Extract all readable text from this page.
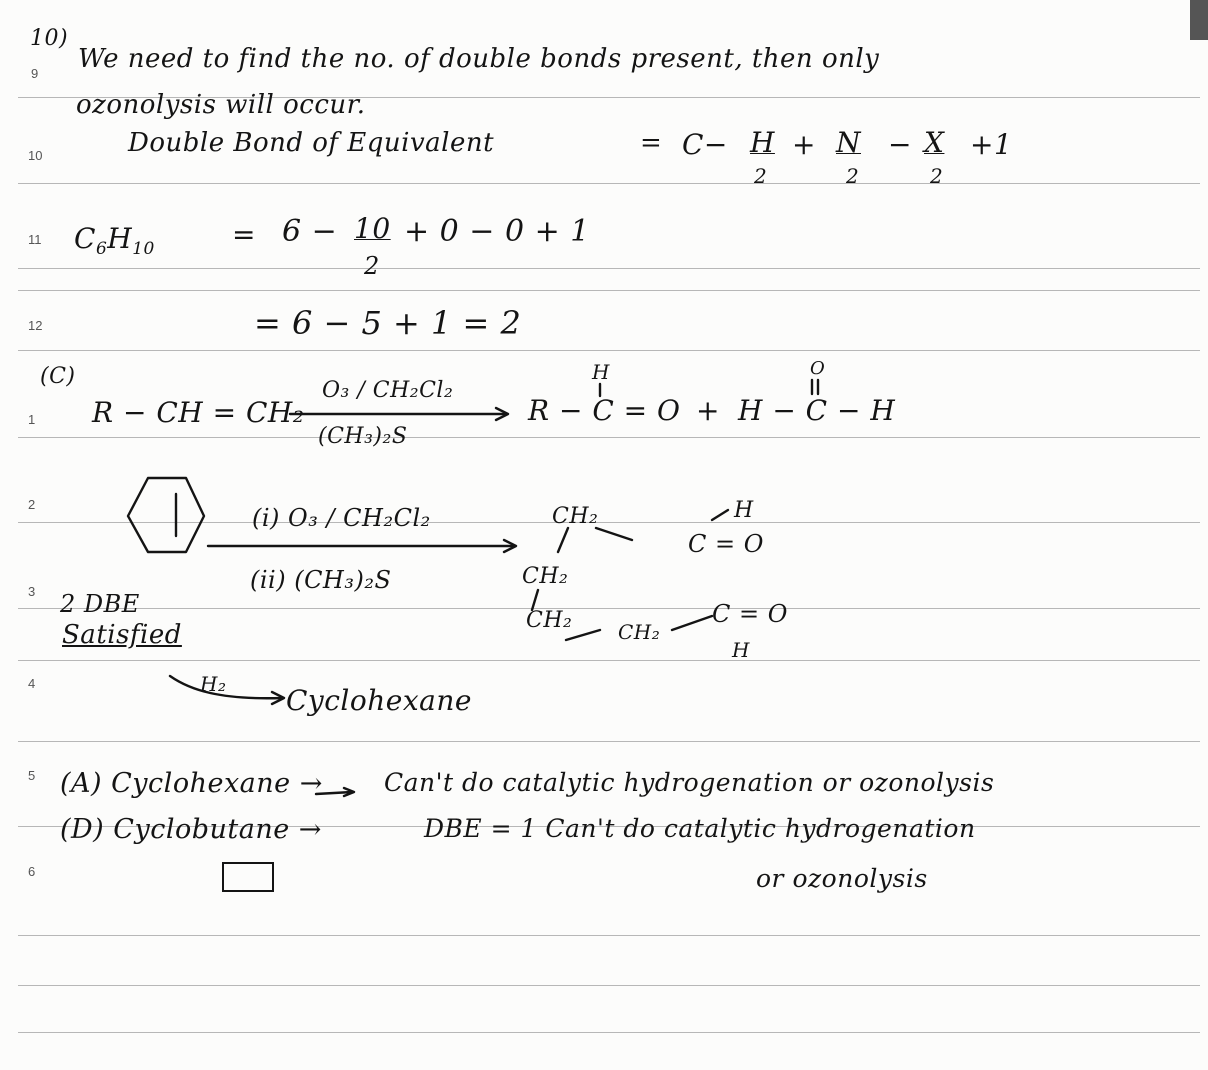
9
10
11
12
1
2
3
4
5
6
10)
We need to find the no. of double bonds present, then only
ozonolysis will occur.
Double Bond of Equivalent	= C− H
2
+ N
2
− X
2
+1
$C_6H_{10}$	= 6 − 10
2
+ 0 − 0 + 1
= 6 − 5 + 1 = 2
(C)
R − CH = CH₂
O₃ / CH₂Cl₂
(CH₃)₂S
H
R − C = O +
O
H − C − H
(i) O₃ / CH₂Cl₂
(ii) (CH₃)₂S
CH₂	H
C = O
CH₂
CH₂ CH₂
C = O
H
2 DBE
Satisfied
H₂ Cyclohexane
(A) Cyclohexane → Can't do catalytic hydrogenation or ozonolysis
(D) Cyclobutane →	DBE = 1 Can't do catalytic hydrogenation
or ozonolysis
